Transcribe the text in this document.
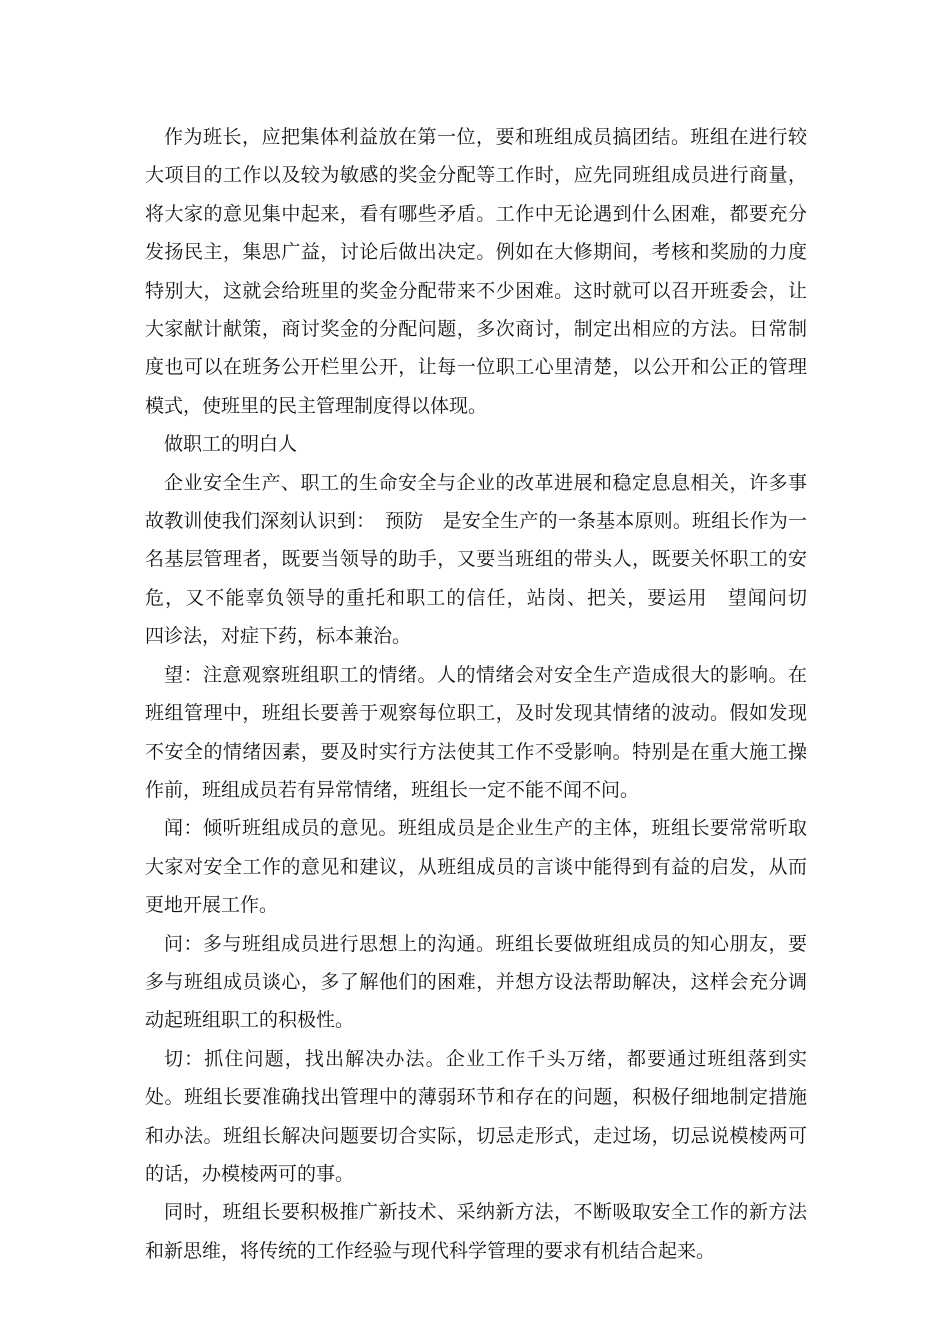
作为班长，应把集体利益放在第一位，要和班组成员搞团结。班组在进行较大项目的工作以及较为敏感的奖金分配等工作时，应先同班组成员进行商量，将大家的意见集中起来，看有哪些矛盾。工作中无论遇到什么困难，都要充分发扬民主，集思广益，讨论后做出决定。例如在大修期间，考核和奖励的力度特别大，这就会给班里的奖金分配带来不少困难。这时就可以召开班委会，让大家献计献策，商讨奖金的分配问题，多次商讨，制定出相应的方法。日常制度也可以在班务公开栏里公开，让每一位职工心里清楚，以公开和公正的管理模式，使班里的民主管理制度得以体现。

做职工的明白人

企业安全生产、职工的生命安全与企业的改革进展和稳定息息相关，许多事故教训使我们深刻认识到：　预防　是安全生产的一条基本原则。班组长作为一名基层管理者，既要当领导的助手，又要当班组的带头人，既要关怀职工的安危，又不能辜负领导的重托和职工的信任，站岗、把关，要运用　望闻问切　四诊法，对症下药，标本兼治。

望：注意观察班组职工的情绪。人的情绪会对安全生产造成很大的影响。在班组管理中，班组长要善于观察每位职工，及时发现其情绪的波动。假如发现不安全的情绪因素，要及时实行方法使其工作不受影响。特别是在重大施工操作前，班组成员若有异常情绪，班组长一定不能不闻不问。

闻：倾听班组成员的意见。班组成员是企业生产的主体，班组长要常常听取大家对安全工作的意见和建议，从班组成员的言谈中能得到有益的启发，从而更地开展工作。

问：多与班组成员进行思想上的沟通。班组长要做班组成员的知心朋友，要多与班组成员谈心，多了解他们的困难，并想方设法帮助解决，这样会充分调动起班组职工的积极性。

切：抓住问题，找出解决办法。企业工作千头万绪，都要通过班组落到实处。班组长要准确找出管理中的薄弱环节和存在的问题，积极仔细地制定措施和办法。班组长解决问题要切合实际，切忌走形式，走过场，切忌说模棱两可的话，办模棱两可的事。

同时，班组长要积极推广新技术、采纳新方法，不断吸取安全工作的新方法和新思维，将传统的工作经验与现代科学管理的要求有机结合起来。
